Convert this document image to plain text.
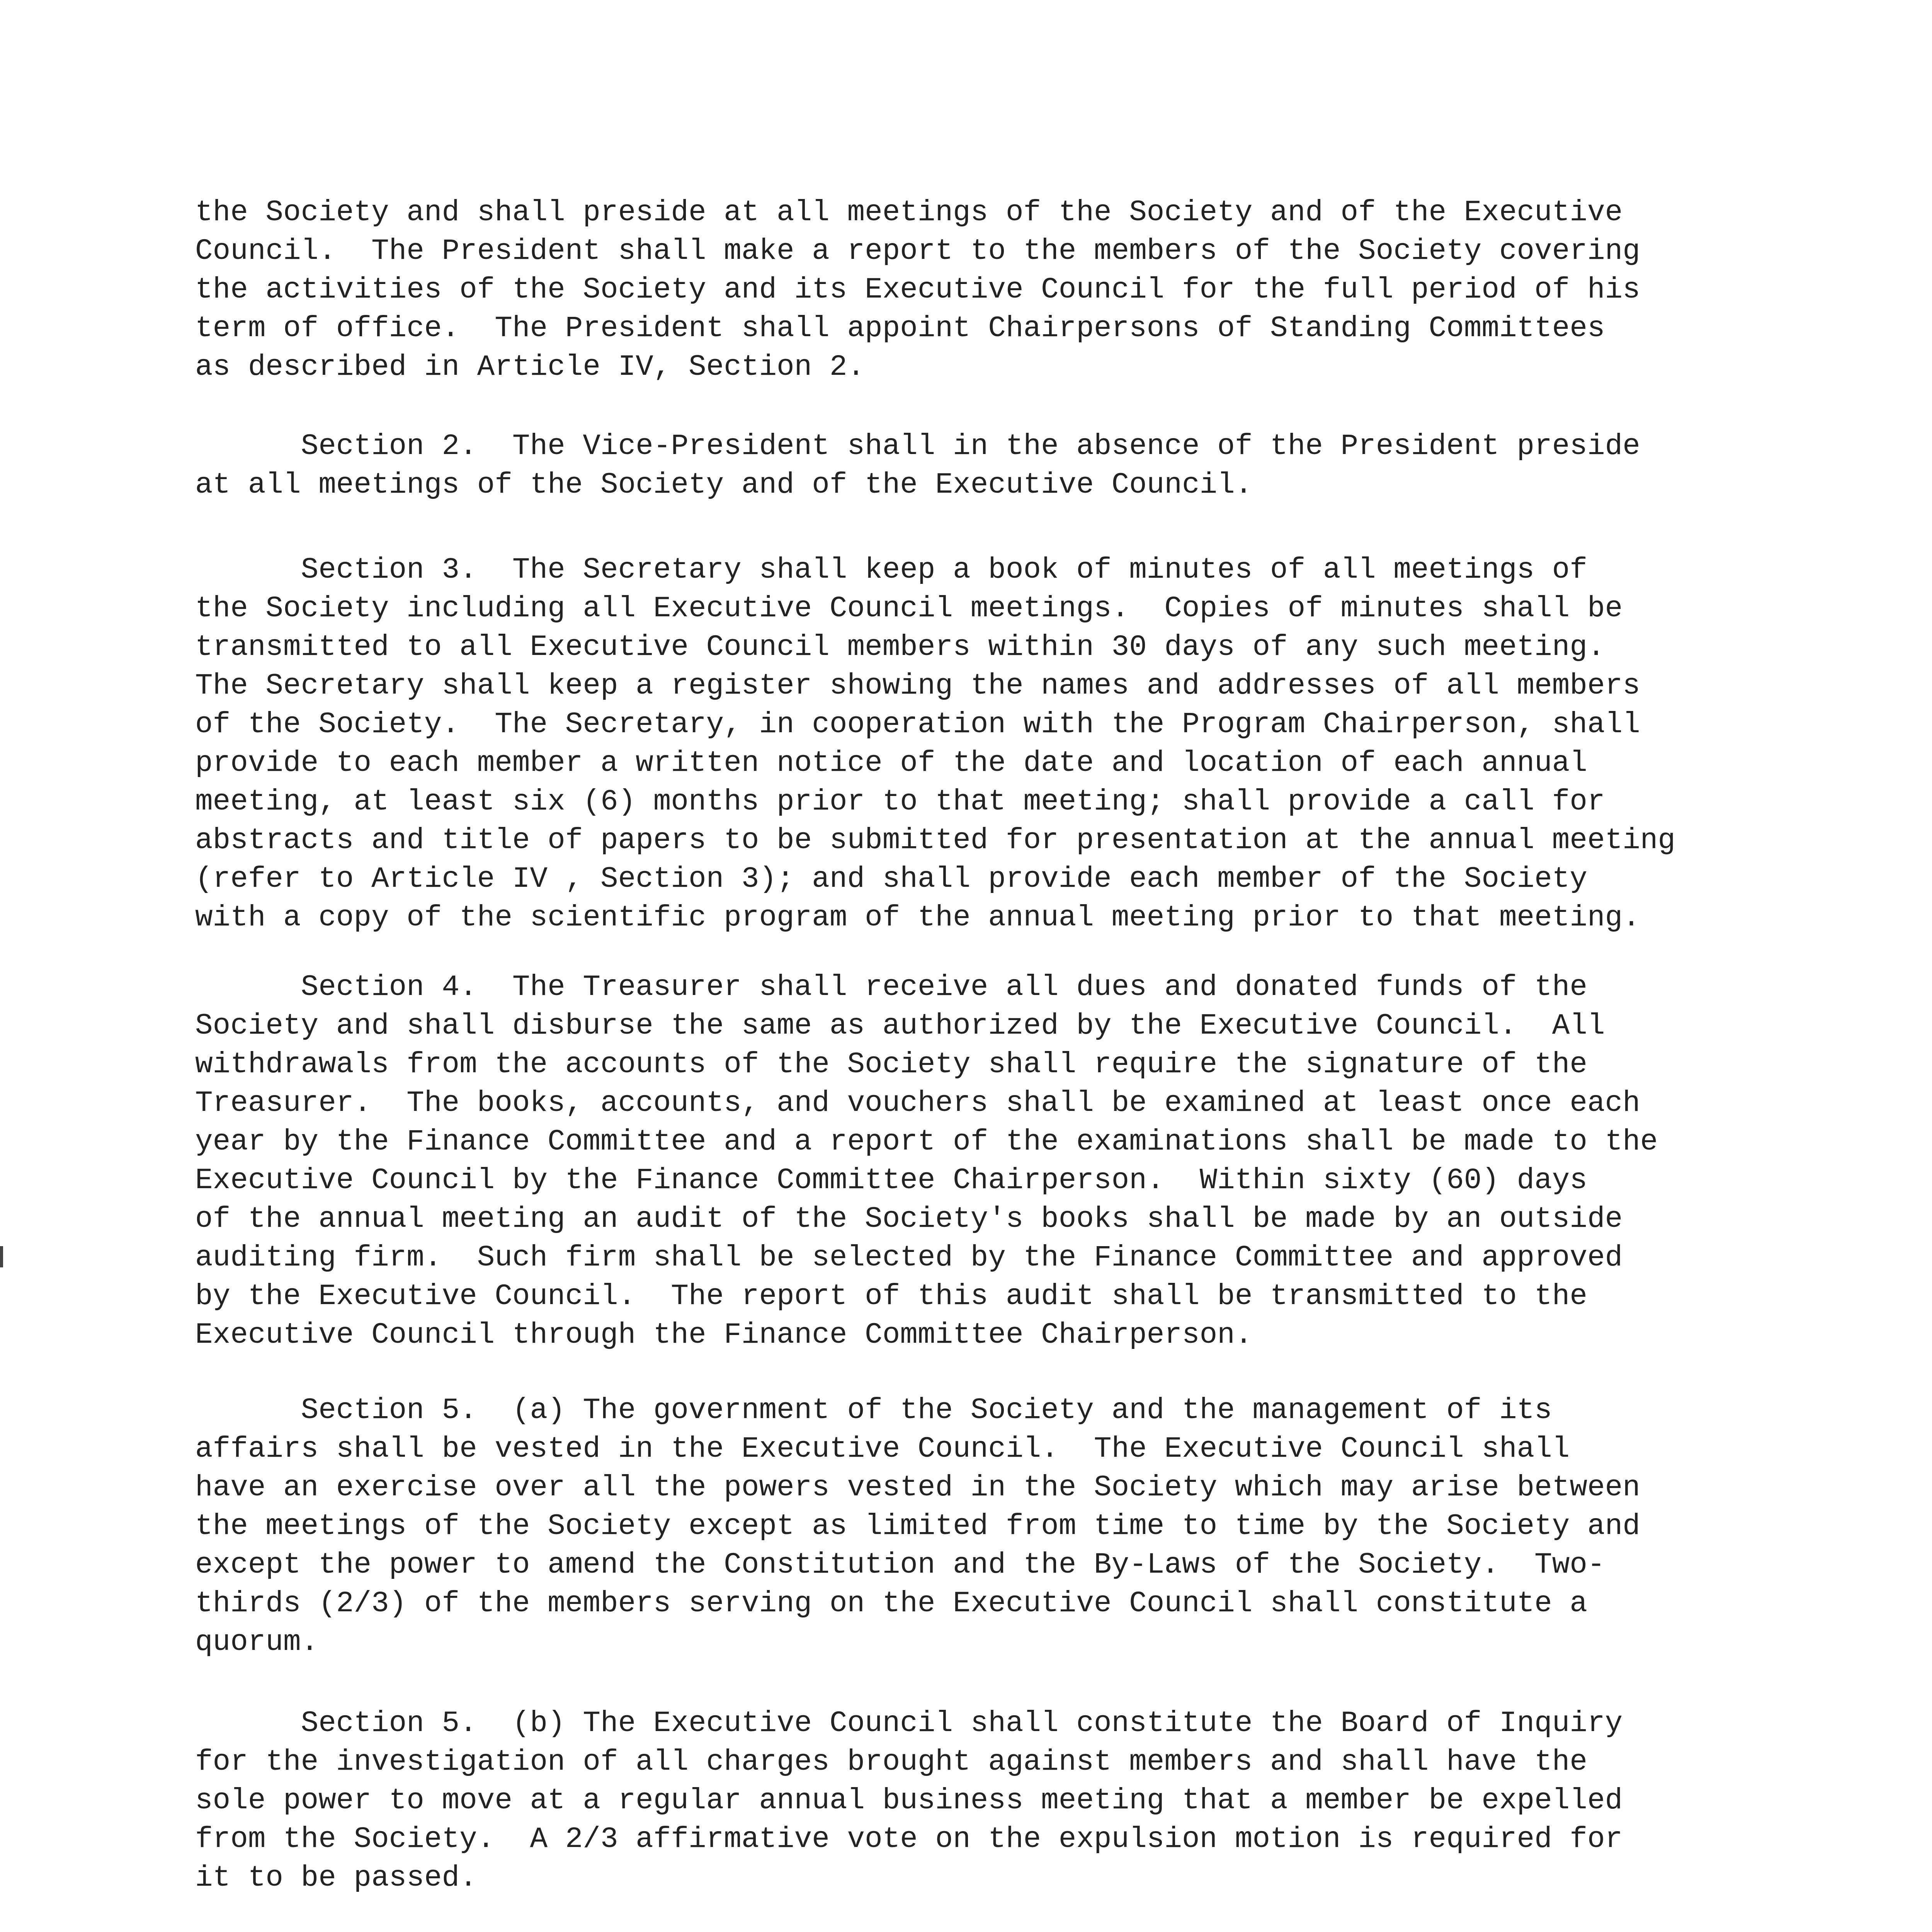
the Society and shall preside at all meetings of the Society and of the Executive
Council.  The President shall make a report to the members of the Society covering
the activities of the Society and its Executive Council for the full period of his
term of office.  The President shall appoint Chairpersons of Standing Committees
as described in Article IV, Section 2.

Section 2.  The Vice-President shall in the absence of the President preside
at all meetings of the Society and of the Executive Council.

Section 3.  The Secretary shall keep a book of minutes of all meetings of
the Society including all Executive Council meetings.  Copies of minutes shall be
transmitted to all Executive Council members within 30 days of any such meeting.
The Secretary shall keep a register showing the names and addresses of all members
of the Society.  The Secretary, in cooperation with the Program Chairperson, shall
provide to each member a written notice of the date and location of each annual
meeting, at least six (6) months prior to that meeting; shall provide a call for
abstracts and title of papers to be submitted for presentation at the annual meeting
(refer to Article IV , Section 3); and shall provide each member of the Society
with a copy of the scientific program of the annual meeting prior to that meeting.

Section 4.  The Treasurer shall receive all dues and donated funds of the
Society and shall disburse the same as authorized by the Executive Council.  All
withdrawals from the accounts of the Society shall require the signature of the
Treasurer.  The books, accounts, and vouchers shall be examined at least once each
year by the Finance Committee and a report of the examinations shall be made to the
Executive Council by the Finance Committee Chairperson.  Within sixty (60) days
of the annual meeting an audit of the Society's books shall be made by an outside
auditing firm.  Such firm shall be selected by the Finance Committee and approved
by the Executive Council.  The report of this audit shall be transmitted to the
Executive Council through the Finance Committee Chairperson.

Section 5.  (a) The government of the Society and the management of its
affairs shall be vested in the Executive Council.  The Executive Council shall
have an exercise over all the powers vested in the Society which may arise between
the meetings of the Society except as limited from time to time by the Society and
except the power to amend the Constitution and the By-Laws of the Society.  Two-
thirds (2/3) of the members serving on the Executive Council shall constitute a
quorum.

Section 5.  (b) The Executive Council shall constitute the Board of Inquiry
for the investigation of all charges brought against members and shall have the
sole power to move at a regular annual business meeting that a member be expelled
from the Society.  A 2/3 affirmative vote on the expulsion motion is required for
it to be passed.
